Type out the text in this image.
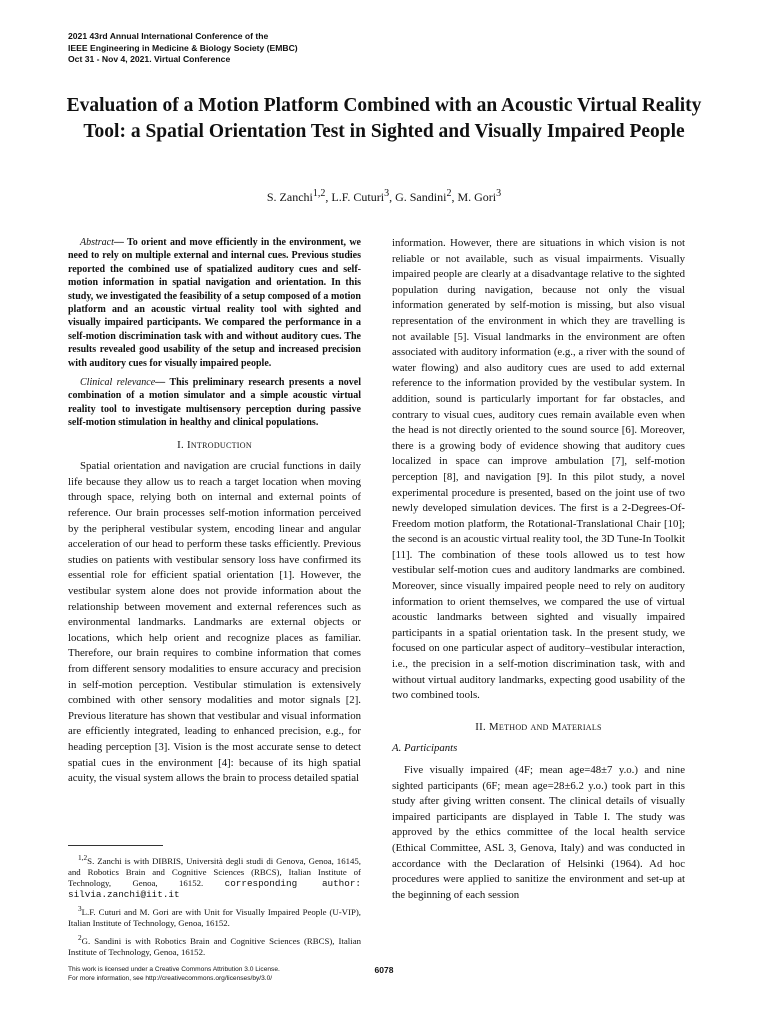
2021 43rd Annual International Conference of the
IEEE Engineering in Medicine & Biology Society (EMBC)
Oct 31 - Nov 4, 2021. Virtual Conference
Evaluation of a Motion Platform Combined with an Acoustic Virtual Reality Tool: a Spatial Orientation Test in Sighted and Visually Impaired People
S. Zanchi$^{1,2}$, L.F. Cuturi$^3$, G. Sandini$^2$, M. Gori$^3$

Abstract— To orient and move efficiently in the environment, we need to rely on multiple external and internal cues. Previous studies reported the combined use of spatialized auditory cues and self-motion information in spatial navigation and orientation. In this study, we investigated the feasibility of a setup composed of a motion platform and an acoustic virtual reality tool with sighted and visually impaired participants. We compared the performance in a self-motion discrimination task with and without auditory cues. The results revealed good usability of the setup and increased precision with auditory cues for visually impaired people.

Clinical relevance— This preliminary research presents a novel combination of a motion simulator and a simple acoustic virtual reality tool to investigate multisensory perception during passive self-motion stimulation in healthy and clinical populations.

I. Introduction

Spatial orientation and navigation are crucial functions in daily life because they allow us to reach a target location when moving through space, relying both on internal and external points of reference. Our brain processes self-motion information perceived by the peripheral vestibular system, encoding linear and angular acceleration of our head to perform these tasks efficiently. Previous studies on patients with vestibular sensory loss have confirmed its essential role for efficient spatial orientation [1]. However, the vestibular system alone does not provide information about the relationship between movement and external references such as environmental landmarks. Landmarks are external objects or locations, which help orient and recognize places as familiar. Therefore, our brain requires to combine information that comes from different sensory modalities to ensure accuracy and precision in self-motion perception. Vestibular stimulation is extensively combined with other sensory modalities and motor signals [2]. Previous literature has shown that vestibular and visual information are efficiently integrated, leading to enhanced precision, e.g., for heading perception [3]. Vision is the most accurate sense to detect spatial cues in the environment [4]: because of its high spatial acuity, the visual system allows the brain to process detailed spatial

information. However, there are situations in which vision is not reliable or not available, such as visual impairments. Visually impaired people are clearly at a disadvantage relative to the sighted population during navigation, because not only the visual information generated by self-motion is missing, but also visual representation of the environment in which they are travelling is not available [5]. Visual landmarks in the environment are often associated with auditory information (e.g., a river with the sound of water flowing) and also auditory cues are used to add external reference to the information provided by the vestibular system. In addition, sound is particularly important for far obstacles, and contrary to visual cues, auditory cues remain available even when the head is not directly oriented to the sound source [6]. Moreover, there is a growing body of evidence showing that auditory cues localized in space can improve ambulation [7], self-motion perception [8], and navigation [9]. In this pilot study, a novel experimental procedure is presented, based on the joint use of two newly developed simulation devices. The first is a 2-Degrees-Of-Freedom motion platform, the Rotational-Translational Chair [10]; the second is an acoustic virtual reality tool, the 3D Tune-In Toolkit [11]. The combination of these tools allowed us to test how vestibular self-motion cues and auditory landmarks are combined. Moreover, since visually impaired people need to rely on auditory information to orient themselves, we compared the use of virtual acoustic landmarks between sighted and visually impaired participants in a spatial orientation task. In the present study, we focused on one particular aspect of auditory–vestibular interaction, i.e., the precision in a self-motion discrimination task, with and without virtual auditory landmarks, expecting good usability of the two combined tools.

II. Method and Materials
A. Participants

Five visually impaired (4F; mean age=48±7 y.o.) and nine sighted participants (6F; mean age=28±6.2 y.o.) took part in this study after giving written consent. The clinical details of visually impaired participants are displayed in Table I. The study was approved by the ethics committee of the local health service (Ethical Committee, ASL 3, Genova, Italy) and was conducted in accordance with the Declaration of Helsinki (1964). Ad hoc procedures were applied to sanitize the environment and set-up at the beginning of each session

$^{1,2}$S. Zanchi is with DIBRIS, Università degli studi di Genova, Genoa, 16145, and Robotics Brain and Cognitive Sciences (RBCS), Italian Institute of Technology, Genoa, 16152. corresponding author: silvia.zanchi@iit.it

$^3$L.F. Cuturi and M. Gori are with Unit for Visually Impaired People (U-VIP), Italian Institute of Technology, Genoa, 16152.

$^2$G. Sandini is with Robotics Brain and Cognitive Sciences (RBCS), Italian Institute of Technology, Genoa, 16152.

This work is licensed under a Creative Commons Attribution 3.0 License.
For more information, see http://creativecommons.org/licenses/by/3.0/
6078
